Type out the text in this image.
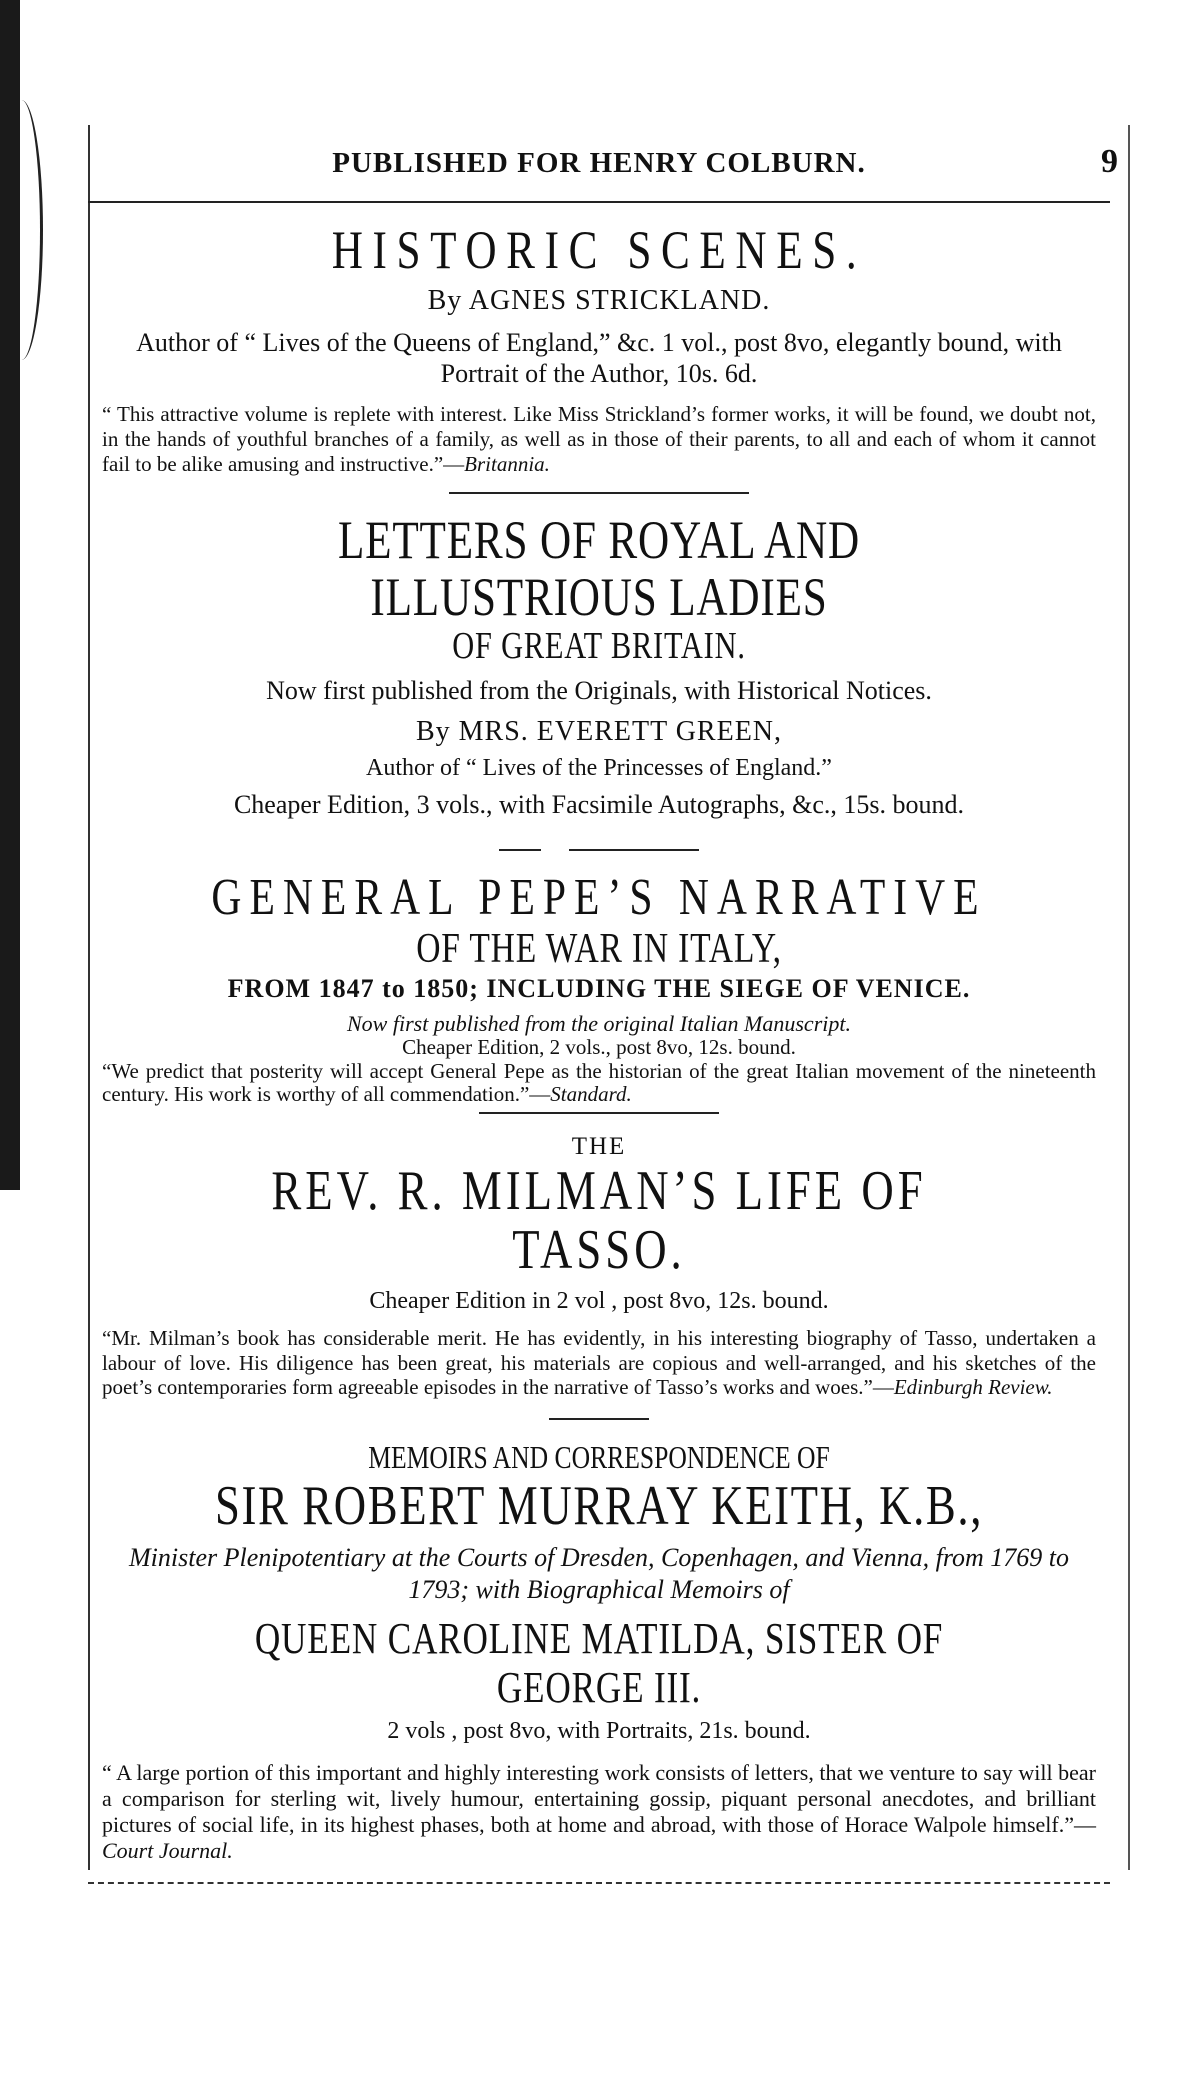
PUBLISHED FOR HENRY COLBURN.	9

HISTORIC SCENES.

By AGNES STRICKLAND.

Author of “ Lives of the Queens of England,” &c. 1 vol., post 8vo, elegantly bound, with Portrait of the Author, 10s. 6d.

“ This attractive volume is replete with interest. Like Miss Strickland’s former works, it will be found, we doubt not, in the hands of youthful branches of a family, as well as in those of their parents, to all and each of whom it cannot fail to be alike amusing and instructive.”—Britannia.

LETTERS OF ROYAL AND ILLUSTRIOUS LADIES

OF GREAT BRITAIN.

Now first published from the Originals, with Historical Notices.

By MRS. EVERETT GREEN,

Author of “ Lives of the Princesses of England.”

Cheaper Edition, 3 vols., with Facsimile Autographs, &c., 15s. bound.

GENERAL PEPE’S NARRATIVE

OF THE WAR IN ITALY,

FROM 1847 to 1850; INCLUDING THE SIEGE OF VENICE.

Now first published from the original Italian Manuscript.

Cheaper Edition, 2 vols., post 8vo, 12s. bound.

“We predict that posterity will accept General Pepe as the historian of the great Italian movement of the nineteenth century. His work is worthy of all commendation.”—Standard.

THE

REV. R. MILMAN’S LIFE OF TASSO.

Cheaper Edition in 2 vol , post 8vo, 12s. bound.

“Mr. Milman’s book has considerable merit. He has evidently, in his interesting biography of Tasso, undertaken a labour of love. His diligence has been great, his materials are copious and well-arranged, and his sketches of the poet’s contemporaries form agreeable episodes in the narrative of Tasso’s works and woes.”—Edinburgh Review.

MEMOIRS AND CORRESPONDENCE OF

SIR ROBERT MURRAY KEITH, K.B.,

Minister Plenipotentiary at the Courts of Dresden, Copenhagen, and Vienna, from 1769 to 1793; with Biographical Memoirs of

QUEEN CAROLINE MATILDA, SISTER OF GEORGE III.

2 vols , post 8vo, with Portraits, 21s. bound.

“ A large portion of this important and highly interesting work consists of letters, that we venture to say will bear a comparison for sterling wit, lively humour, entertaining gossip, piquant personal anecdotes, and brilliant pictures of social life, in its highest phases, both at home and abroad, with those of Horace Walpole himself.”—Court Journal.
